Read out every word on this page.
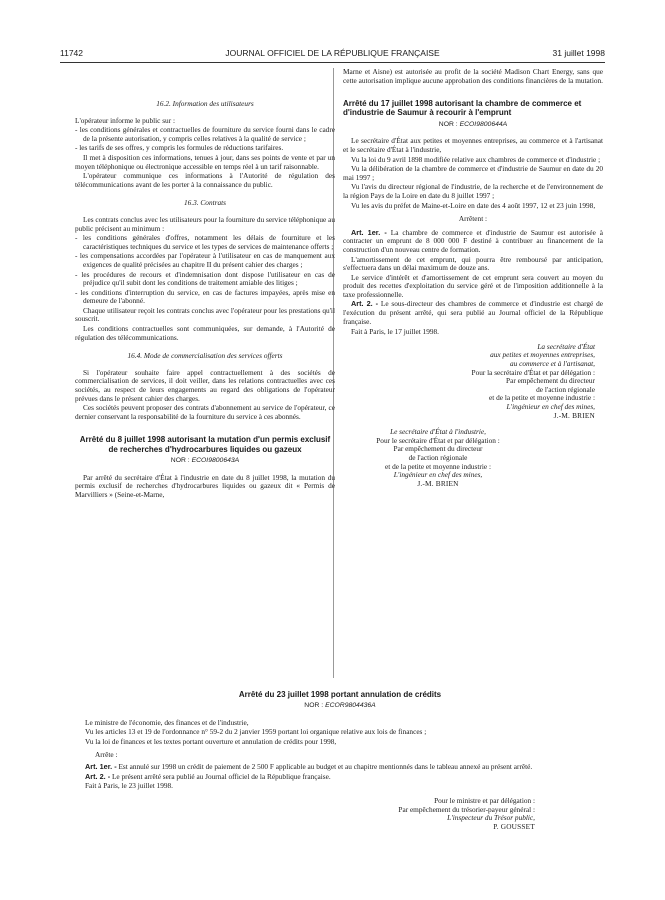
11742	JOURNAL OFFICIEL DE LA RÉPUBLIQUE FRANÇAISE	31 juillet 1998

16.2. Information des utilisateurs

L'opérateur informe le public sur :

- les conditions générales et contractuelles de fourniture du service fourni dans le cadre de la présente autorisation, y compris celles relatives à la qualité de service ;

- les tarifs de ses offres, y compris les formules de réductions tarifaires.

Il met à disposition ces informations, tenues à jour, dans ses points de vente et par un moyen téléphonique ou électronique accessible en temps réel à un tarif raisonnable.

L'opérateur communique ces informations à l'Autorité de régulation des télécommunications avant de les porter à la connaissance du public.

16.3. Contrats

Les contrats conclus avec les utilisateurs pour la fourniture du service téléphonique au public précisent au minimum :

- les conditions générales d'offres, notamment les délais de fourniture et les caractéristiques techniques du service et les types de services de maintenance offerts ;

- les compensations accordées par l'opérateur à l'utilisateur en cas de manquement aux exigences de qualité précisées au chapitre II du présent cahier des charges ;

- les procédures de recours et d'indemnisation dont dispose l'utilisateur en cas de préjudice qu'il subit dont les conditions de traitement amiable des litiges ;

- les conditions d'interruption du service, en cas de factures impayées, après mise en demeure de l'abonné.

Chaque utilisateur reçoit les contrats conclus avec l'opérateur pour les prestations qu'il souscrit.

Les conditions contractuelles sont communiquées, sur demande, à l'Autorité de régulation des télécommunications.

16.4. Mode de commercialisation des services offerts

Si l'opérateur souhaite faire appel contractuellement à des sociétés de commercialisation de services, il doit veiller, dans les relations contractuelles avec ces sociétés, au respect de leurs engagements au regard des obligations de l'opérateur prévues dans le présent cahier des charges.

Ces sociétés peuvent proposer des contrats d'abonnement au service de l'opérateur, ce dernier conservant la responsabilité de la fourniture du service à ces abonnés.

Arrêté du 8 juillet 1998 autorisant la mutation d'un permis exclusif de recherches d'hydrocarbures liquides ou gazeux
NOR : ECOI9800643A

Par arrêté du secrétaire d'État à l'industrie en date du 8 juillet 1998, la mutation du permis exclusif de recherches d'hydrocarbures liquides ou gazeux dit « Permis de Marvilliers » (Seine-et-Marne,

Marne et Aisne) est autorisée au profit de la société Madison Chart Energy, sans que cette autorisation implique aucune approbation des conditions financières de la mutation.

Arrêté du 17 juillet 1998 autorisant la chambre de commerce et d'industrie de Saumur à recourir à l'emprunt
NOR : ECOI9800644A

Le secrétaire d'État aux petites et moyennes entreprises, au commerce et à l'artisanat et le secrétaire d'État à l'industrie,

Vu la loi du 9 avril 1898 modifiée relative aux chambres de commerce et d'industrie ;

Vu la délibération de la chambre de commerce et d'industrie de Saumur en date du 20 mai 1997 ;

Vu l'avis du directeur régional de l'industrie, de la recherche et de l'environnement de la région Pays de la Loire en date du 8 juillet 1997 ;

Vu les avis du préfet de Maine-et-Loire en date des 4 août 1997, 12 et 23 juin 1998,

Arrêtent :

Art. 1er. - La chambre de commerce et d'industrie de Saumur est autorisée à contracter un emprunt de 8 000 000 F destiné à contribuer au financement de la construction d'un nouveau centre de formation.

L'amortissement de cet emprunt, qui pourra être remboursé par anticipation, s'effectuera dans un délai maximum de douze ans.

Le service d'intérêt et d'amortissement de cet emprunt sera couvert au moyen du produit des recettes d'exploitation du service géré et de l'imposition additionnelle à la taxe professionnelle.

Art. 2. - Le sous-directeur des chambres de commerce et d'industrie est chargé de l'exécution du présent arrêté, qui sera publié au Journal officiel de la République française.

Fait à Paris, le 17 juillet 1998.

La secrétaire d'État
aux petites et moyennes entreprises,
au commerce et à l'artisanat,
Pour la secrétaire d'État et par délégation :
Par empêchement du directeur
de l'action régionale
et de la petite et moyenne industrie :
L'ingénieur en chef des mines,
J.-M. BRIEN
Le secrétaire d'État à l'industrie,
Pour le secrétaire d'État et par délégation :
Par empêchement du directeur
de l'action régionale
et de la petite et moyenne industrie :
L'ingénieur en chef des mines,
J.-M. BRIEN
Arrêté du 23 juillet 1998 portant annulation de crédits
NOR : ECOR9804436A

Le ministre de l'économie, des finances et de l'industrie,

Vu les articles 13 et 19 de l'ordonnance n° 59-2 du 2 janvier 1959 portant loi organique relative aux lois de finances ;

Vu la loi de finances et les textes portant ouverture et annulation de crédits pour 1998,

Arrête :

Art. 1er. - Est annulé sur 1998 un crédit de paiement de 2 500 F applicable au budget et au chapitre mentionnés dans le tableau annexé au présent arrêté.

Art. 2. - Le présent arrêté sera publié au Journal officiel de la République française.

Fait à Paris, le 23 juillet 1998.

Pour le ministre et par délégation :
Par empêchement du trésorier-payeur général :
L'inspecteur du Trésor public,
P. GOUSSET
